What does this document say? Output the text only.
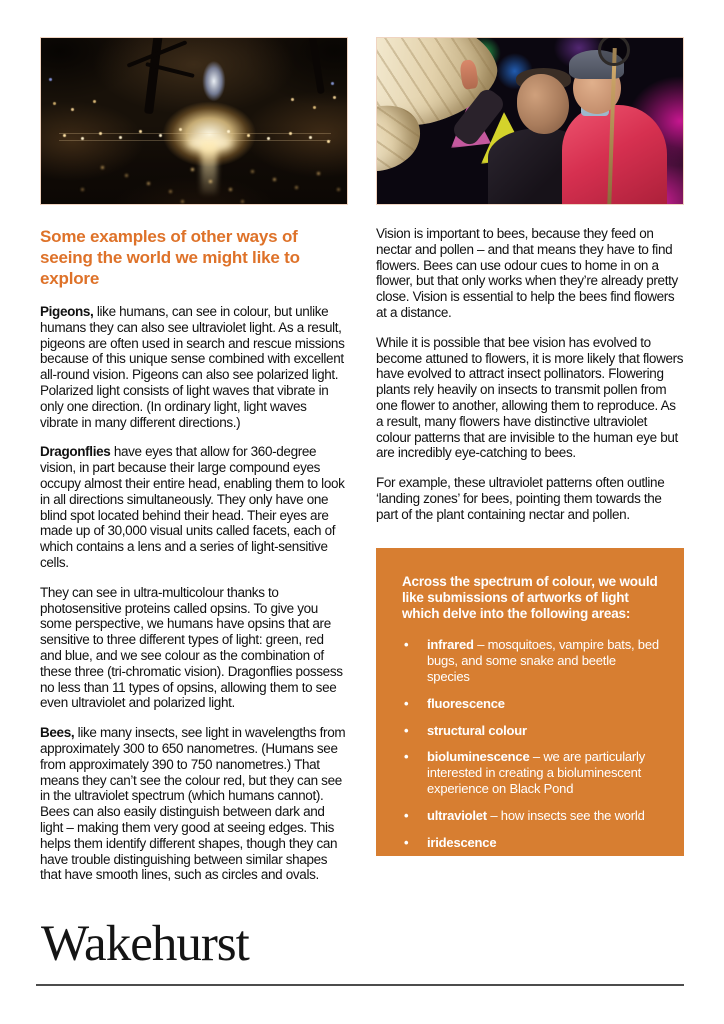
Some examples of other ways of seeing the world we might like to explore

Pigeons, like humans, can see in colour, but unlike humans they can also see ultraviolet light. As a result, pigeons are often used in search and rescue missions because of this unique sense combined with excellent all-round vision. Pigeons can also see polarized light. Polarized light consists of light waves that vibrate in only one direction. (In ordinary light, light waves vibrate in many different directions.)

Dragonflies have eyes that allow for 360-degree vision, in part because their large compound eyes occupy almost their entire head, enabling them to look in all directions simultaneously. They only have one blind spot located behind their head. Their eyes are made up of 30,000 visual units called facets, each of which contains a lens and a series of light-sensitive cells.

They can see in ultra-multicolour thanks to photosensitive proteins called opsins. To give you some perspective, we humans have opsins that are sensitive to three different types of light: green, red and blue, and we see colour as the combination of these three (tri-chromatic vision). Dragonflies possess no less than 11 types of opsins, allowing them to see even ultraviolet and polarized light.

Bees, like many insects, see light in wavelengths from approximately 300 to 650 nanometres. (Humans see from approximately 390 to 750 nanometres.) That means they can’t see the colour red, but they can see in the ultraviolet spectrum (which humans cannot). Bees can also easily distinguish between dark and light – making them very good at seeing edges. This helps them identify different shapes, though they can have trouble distinguishing between similar shapes that have smooth lines, such as circles and ovals.

Vision is important to bees, because they feed on nectar and pollen – and that means they have to find flowers. Bees can use odour cues to home in on a flower, but that only works when they’re already pretty close. Vision is essential to help the bees find flowers at a distance.

While it is possible that bee vision has evolved to become attuned to flowers, it is more likely that flowers have evolved to attract insect pollinators. Flowering plants rely heavily on insects to transmit pollen from one flower to another, allowing them to reproduce. As a result, many flowers have distinctive ultraviolet colour patterns that are invisible to the human eye but are incredibly eye-catching to bees.

For example, these ultraviolet patterns often outline ‘landing zones’ for bees, pointing them towards the part of the plant containing nectar and pollen.

Across the spectrum of colour, we would like submissions of artworks of light which delve into the following areas:

•	infrared – mosquitoes, vampire bats, bed bugs, and some snake and beetle species
•	fluorescence
•	structural colour
•	bioluminescence – we are particularly interested in creating a bioluminescent experience on Black Pond
•	ultraviolet – how insects see the world
•	iridescence
Wakehurst
